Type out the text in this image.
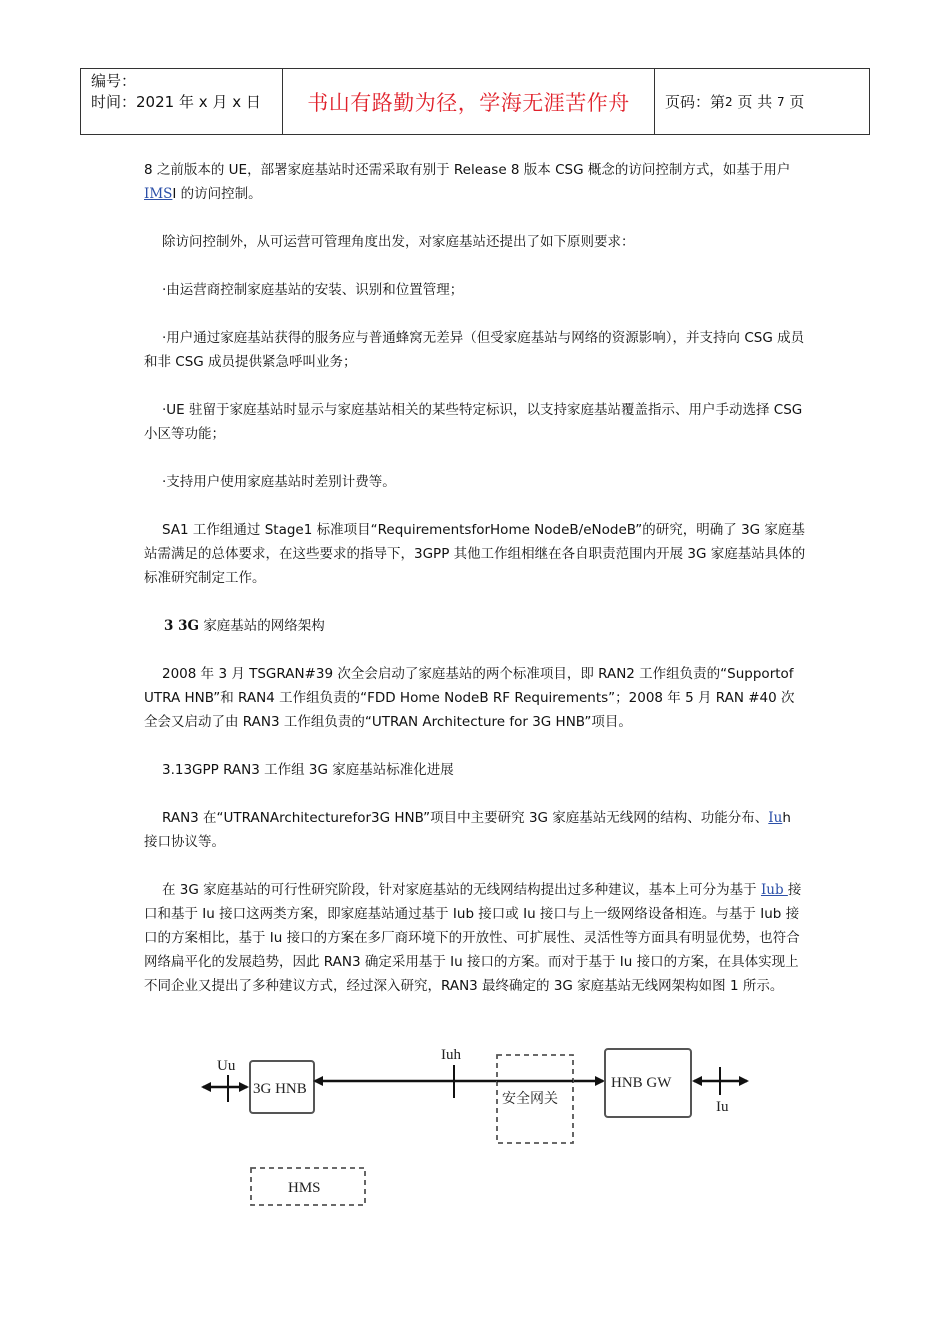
编号：
时间：2021 年 x 月 x 日	书山有路勤为径，学海无涯苦作舟 页码：第 2
页 共
7
页

8 之前版本的 UE，部署家庭基站时还需采取有别于 Release 8 版本 CSG 概念的访问控制方式，如基于用户 IMSI 的访问控制。

除访问控制外，从可运营可管理角度出发，对家庭基站还提出了如下原则要求：

·由运营商控制家庭基站的安装、识别和位置管理；

·用户通过家庭基站获得的服务应与普通蜂窝无差异（但受家庭基站与网络的资源影响），并支持向 CSG 成员和非 CSG 成员提供紧急呼叫业务；

·UE 驻留于家庭基站时显示与家庭基站相关的某些特定标识，以支持家庭基站覆盖指示、用户手动选择 CSG 小区等功能；

·支持用户使用家庭基站时差别计费等。

SA1 工作组通过 Stage1 标准项目“RequirementsforHome NodeB/eNodeB”的研究，明确了 3G 家庭基站需满足的总体要求，在这些要求的指导下，3GPP 其他工作组相继在各自职责范围内开展 3G 家庭基站具体的标准研究制定工作。

3 3G 家庭基站的网络架构

2008 年 3 月 TSGRAN#39 次全会启动了家庭基站的两个标准项目，即 RAN2 工作组负责的“Supportof UTRA HNB”和 RAN4 工作组负责的“FDD Home NodeB RF Requirements”；2008 年 5 月 RAN #40 次全会又启动了由 RAN3 工作组负责的“UTRAN Architecture for 3G HNB”项目。

3.13GPP RAN3 工作组 3G 家庭基站标准化进展

RAN3 在“UTRANArchitecturefor3G HNB”项目中主要研究 3G 家庭基站无线网的结构、功能分布、Iuh 接口协议等。

在 3G 家庭基站的可行性研究阶段，针对家庭基站的无线网结构提出过多种建议，基本上可分为基于 Iub 接口和基于 Iu 接口这两类方案，即家庭基站通过基于 Iub 接口或 Iu 接口与上一级网络设备相连。与基于 Iub 接口的方案相比，基于 Iu 接口的方案在多厂商环境下的开放性、可扩展性、灵活性等方面具有明显优势，也符合网络扁平化的发展趋势，因此 RAN3 确定采用基于 Iu 接口的方案。而对于基于 Iu 接口的方案，在具体实现上不同企业又提出了多种建议方式，经过深入研究，RAN3 最终确定的 3G 家庭基站无线网架构如图 1 所示。

Uu
3G HNB
Iuh
安全网关
HNB GW
Iu
HMS
